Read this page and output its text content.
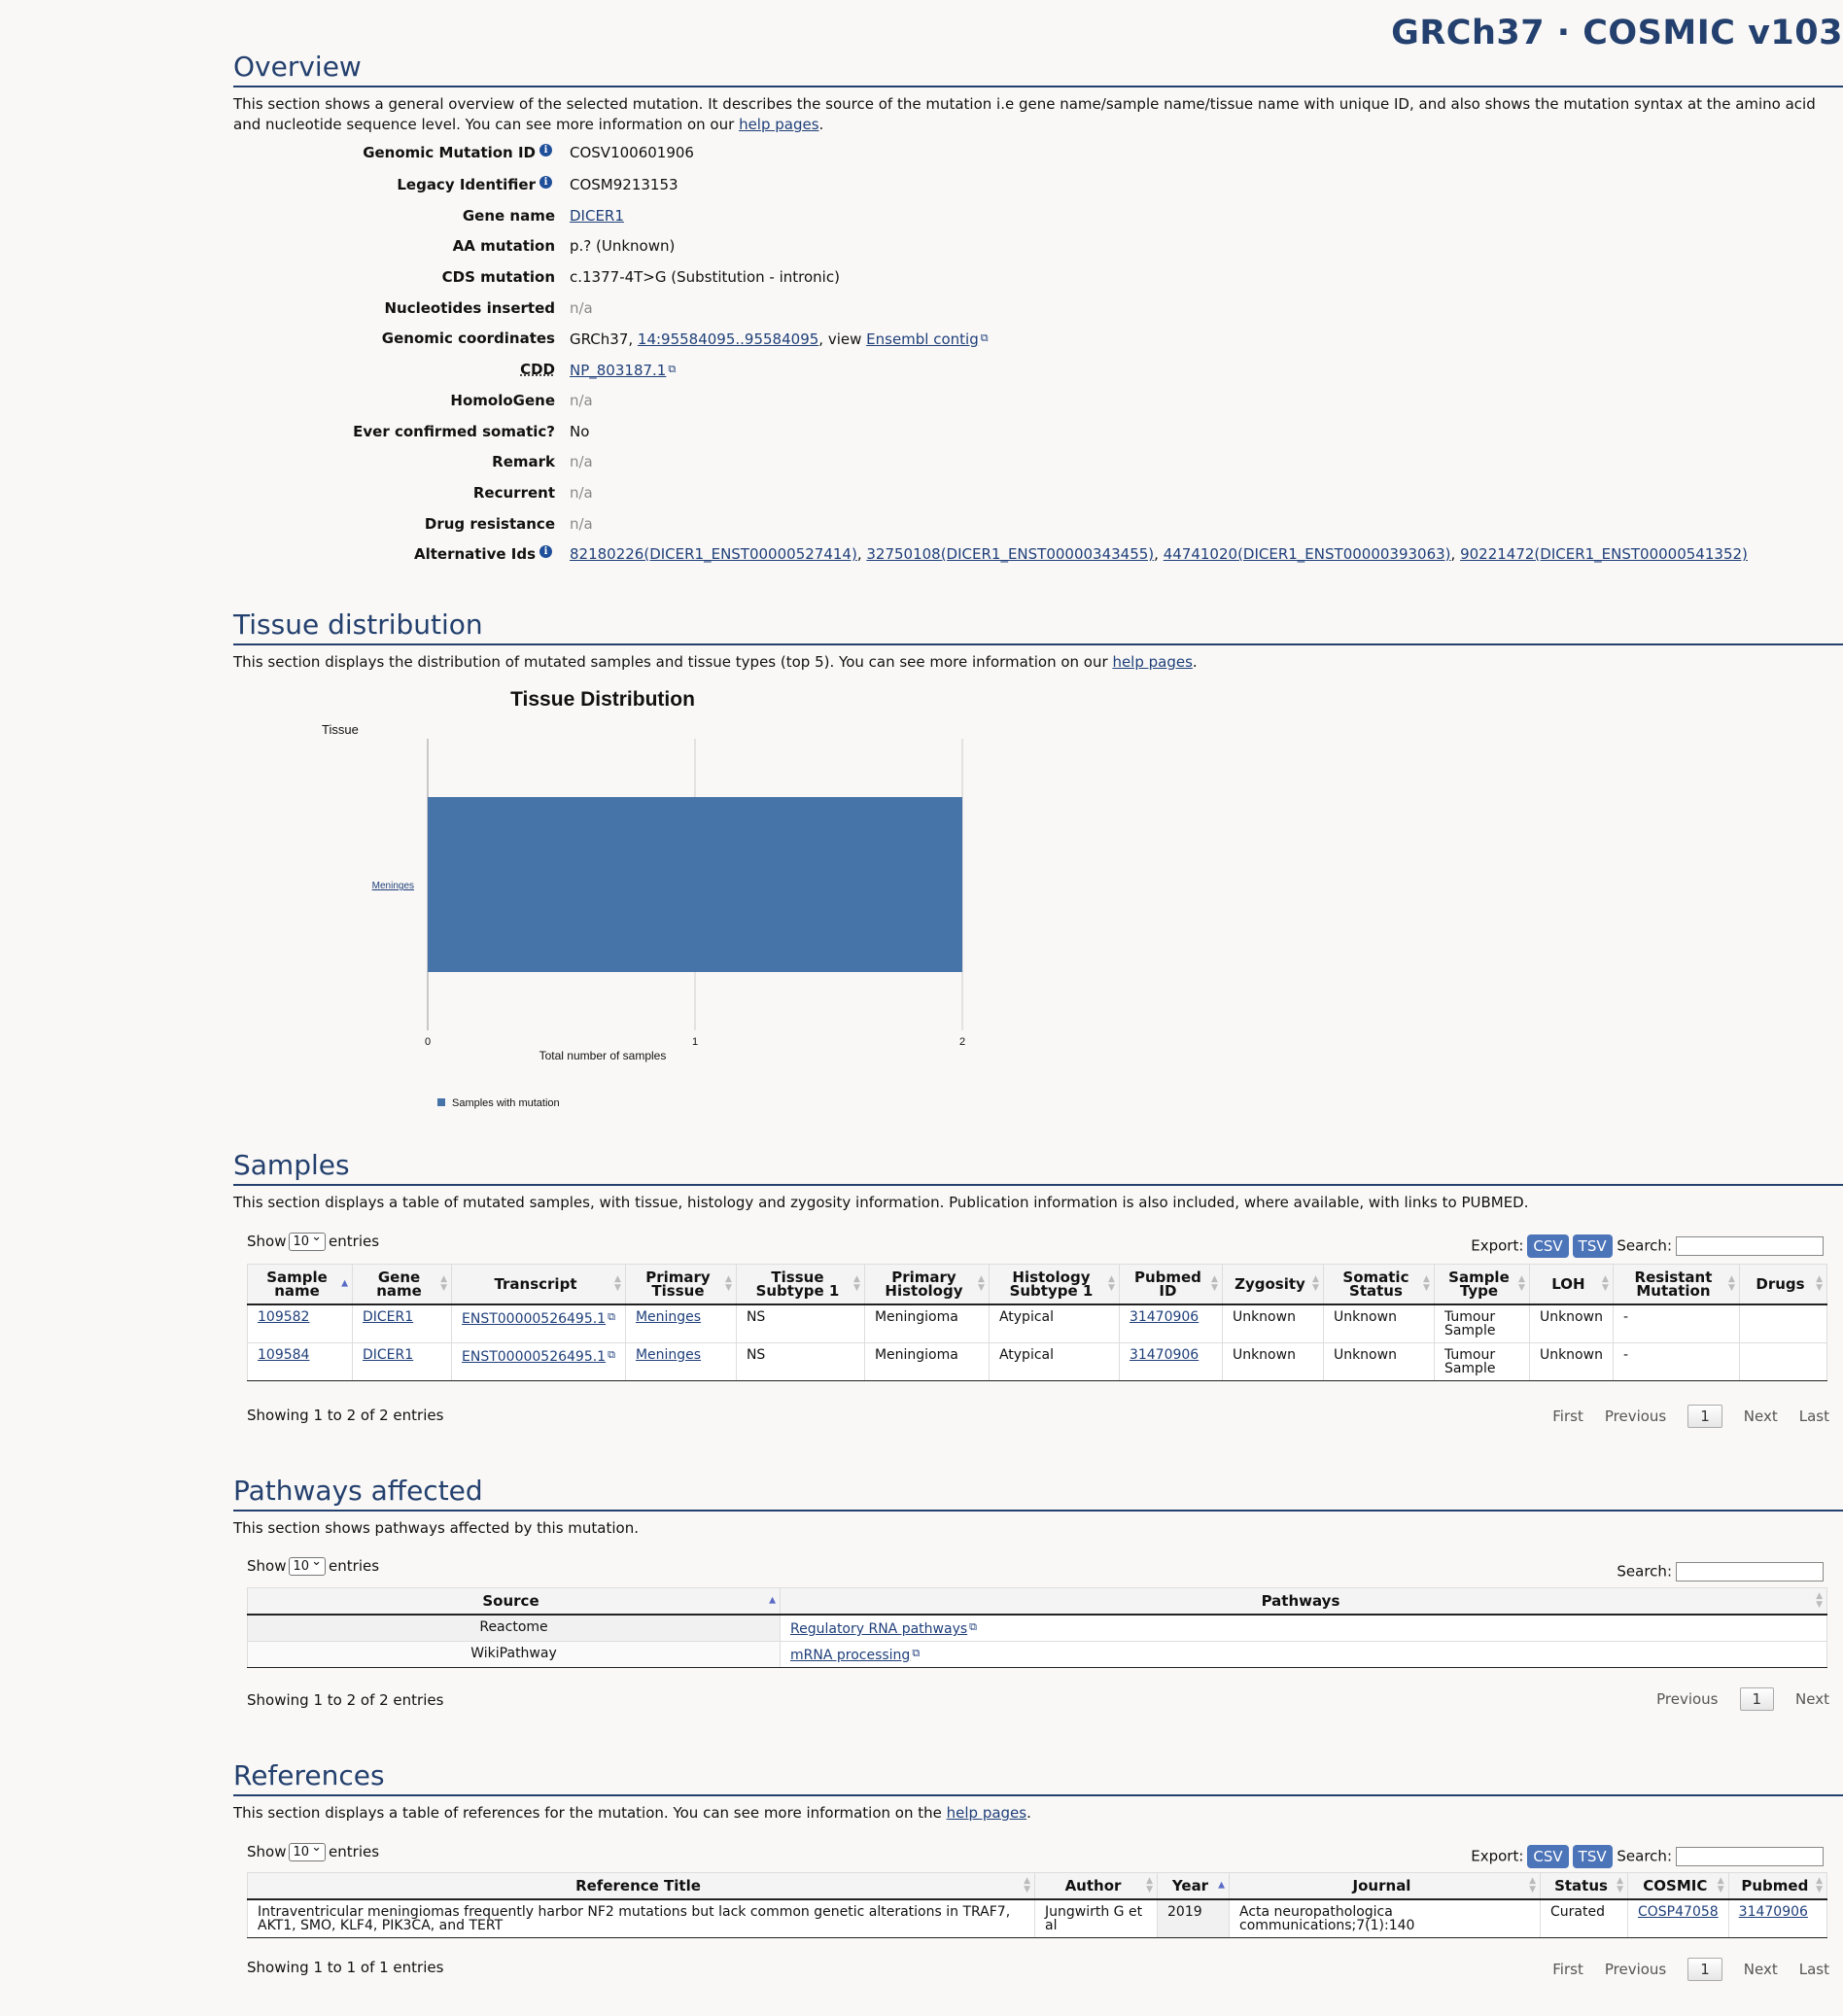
GRCh37 · COSMIC v103
Overview

This section shows a general overview of the selected mutation. It describes the source of the mutation i.e gene name/sample name/tissue name with unique ID, and also shows the mutation syntax at the amino acid and nucleotide sequence level. You can see more information on our help pages.

Genomic Mutation ID i	COSV100601906
Legacy Identifier i	COSM9213153
Gene name DICER1
AA mutation p.? (Unknown)
CDS mutation c.1377-4T>G (Substitution - intronic)
Nucleotides inserted n/a
Genomic coordinates GRCh37, 14:95584095..95584095, view Ensembl contig ⧉
CDD NP_803187.1 ⧉
HomoloGene n/a
Ever confirmed somatic? No
Remark n/a
Recurrent n/a
Drug resistance n/a
Alternative Ids i	82180226(DICER1_ENST00000527414), 32750108(DICER1_ENST00000343455), 44741020(DICER1_ENST00000393063), 90221472(DICER1_ENST00000541352)
Tissue distribution

This section displays the distribution of mutated samples and tissue types (top 5). You can see more information on our help pages.

Tissue Distribution
Tissue
0	1	2
Meninges
Total number of samples
Samples with mutation
Samples

This section displays a table of mutated samples, with tissue, histology and zygosity information. Publication information is also included, where available, with links to PUBMED.

Show 10 ⌄ entries	Export: CSV TSV Search:
Sample name ▲	Gene name
▲
▼	Transcript ▲
▼	Primary Tissue
▲
▼	Tissue Subtype 1
▲
▼	Primary Histology
▲
▼	Histology Subtype 1
▲
▼	Pubmed ID
▲
▼	Zygosity ▲
▼	Somatic Status
▲
▼	Sample Type
▲
▼	LOH ▲
▼	Resistant Mutation
▲
▼	Drugs ▲
▼

109582	DICER1	ENST00000526495.1 ⧉	Meninges	NS	Meningioma	Atypical	31470906	Unknown	Unknown	Tumour Sample	Unknown	-	
109584	DICER1	ENST00000526495.1 ⧉	Meninges	NS	Meningioma	Atypical	31470906	Unknown	Unknown	Tumour Sample	Unknown	-	
Showing 1 to 2 of 2 entries	First Previous 1 Next Last
Pathways affected

This section shows pathways affected by this mutation.

Show 10 ⌄ entries	Search:
Source ▲	Pathways ▲
▼

Reactome	Regulatory RNA pathways ⧉
WikiPathway	mRNA processing ⧉
Showing 1 to 2 of 2 entries	Previous 1 Next
References

This section displays a table of references for the mutation. You can see more information on the help pages.

Show 10 ⌄ entries	Export: CSV TSV Search:
Reference Title ▲
▼	Author ▲
▼	Year ▲	Journal ▲
▼	Status ▲
▼	COSMIC ▲
▼	Pubmed ▲
▼

Intraventricular meningiomas frequently harbor NF2 mutations but lack common genetic alterations in TRAF7, AKT1, SMO, KLF4, PIK3CA, and TERT	Jungwirth G et al	2019	Acta neuropathologica communications;7(1):140	Curated	COSP47058	31470906
Showing 1 to 1 of 1 entries	First Previous 1 Next Last
